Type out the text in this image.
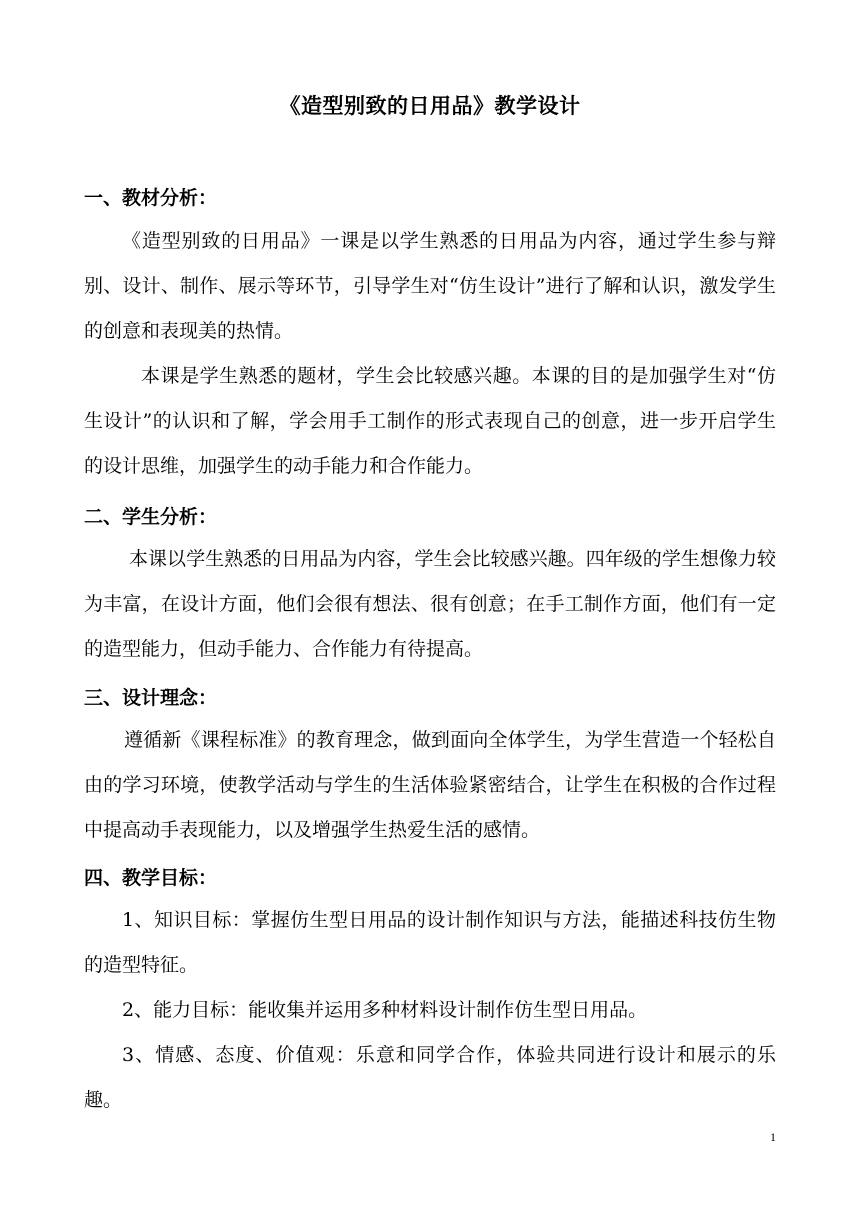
《造型别致的日用品》教学设计
一、教材分析：
《造型别致的日用品》一课是以学生熟悉的日用品为内容，通过学生参与辩别、设计、制作、展示等环节，引导学生对“仿生设计”进行了解和认识，激发学生的创意和表现美的热情。
本课是学生熟悉的题材，学生会比较感兴趣。本课的目的是加强学生对“仿生设计”的认识和了解，学会用手工制作的形式表现自己的创意，进一步开启学生的设计思维，加强学生的动手能力和合作能力。
二、学生分析：
本课以学生熟悉的日用品为内容，学生会比较感兴趣。四年级的学生想像力较为丰富，在设计方面，他们会很有想法、很有创意；在手工制作方面，他们有一定的造型能力，但动手能力、合作能力有待提高。
三、设计理念：
遵循新《课程标准》的教育理念，做到面向全体学生，为学生营造一个轻松自由的学习环境，使教学活动与学生的生活体验紧密结合，让学生在积极的合作过程中提高动手表现能力，以及增强学生热爱生活的感情。
四、教学目标：
1、知识目标：掌握仿生型日用品的设计制作知识与方法，能描述科技仿生物的造型特征。
2、能力目标：能收集并运用多种材料设计制作仿生型日用品。
3、情感、态度、价值观：乐意和同学合作，体验共同进行设计和展示的乐趣。
1
